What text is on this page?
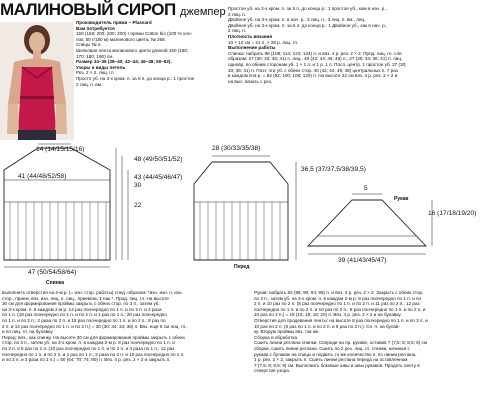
МАЛИНОВЫЙ СИРОП джемпер
Производитель пряжи – Plassard
Вам потребуется
150 (150; 200; 200; 200) г пряжи Cotton bio (100 % хло-
пок; 50 г/180 м) малинового цвета, № 268.
Спицы № 4.
Шелковая лента малинового цвета длиной 150 (160;
170; 180; 190) см.
Размер 34–36 (38–40; 42–44; 46–48; 50–52).
Узоры и виды петель
Рез. 2 × 2, лиц. гл.
Просто уб. на 3-х кром. п. за 5 п. до конца р.: 1 простое
2 лиц. п. вм.
Простое уб. на 3-х кром. п. за 5 п. до конца р.: 1 простое уб., кам в нач. р.,
2 лиц. п.
Двойное уб. на 3-х кром. п. в нач. р.: 3 лиц. п., 3 лиц. п. вм., лиц.
Двойное уб. на 3-х кром. п. за 6 п. до конца р.: 1 Двойное уб., как в нач. р.,
2 лиц. п.
Плотность вязания
10 × 10 см = 21 п. × 28 р. лиц. гл.
Выполнение работы
Спинка: набрать 98 (108; 114; 122; 134) п. и вяз. 4 р. рез. 2 × 2. Прод. лиц. гл. сле.
образом: 27 (30; 33; 36; 41) п. лиц., 40 (42; 44; 46; 48) п., 27 (30; 33; 36; 41) п. лиц.
одновр. по обеим сторонам уб. 1 × 1 п. и 1 р. 1 п. Посл. центр. 1 простое уб. 27 (30;
33; 36; 41) п. Поэт. эти уб. с обеих стор. 40 (42; 44; 46; 48) центральных п. 7 раз
в каждом 8-м р. = 84 (92; 100; 108; 120) п. На высоте 22 см вяз. 4 р. рез. 2 × 2 и
на выс. вязать с рез.
14 (14/15/15/16)
48 (49/50/51/52)
43 (44/45/46/47)
41 (44/48/52/58)
30
22
47 (50/54/58/64)
Спинка
28 (30/33/35/38)
36,5 (37/37,5/38/39,5)
Перед
5
Рукав
16 (17/18/19/20)
39 (41/43/45/47)
выполнить отверстия на 2-м р. (= изн. стор. работы) след. образом: *изн. изн. п. изн.
стор., прием, вяз. изн. лиц. п. лиц., приемом, 1 нак.*. Прод. лиц. гл. На высоте
30 см для формирования проймы закрыть с обеих стор. по 3 п., затем уб.
на 3-х кром. п. в каждом 2-м р. 14 раз поочередно по 1 п. и по 2 п. и 3 раза
по 1 п. (18 раз поочередно по 1 п. и по 2 п. и 1 раз по 1 п.; 20 раз поочередно
по 1 п. и по 2 п.; 2 раза по 2 п. и 18 раз поочередно по 1 п. и по 2 п.; 8 раз по
2 п. и 14 раз поочередно по 1 п. и по 2 п.) = 30 (30; 34; 34; 36) п. Вяз. еще 5 см лиц. гл.,
и по лиц. гл. на булавку.
Перед: вяз., как спинку. На высоте 30 см для формирования проймы закрыть с обеих
стор. по 3 п., затем уб. на 3-х кром. п. в каждом 2-м р. 8 раз поочередно по 1 п. и
по 2 п. и 5 раз по 1 п. (10 раз поочередно по 1 п. и по 2 п. и 3 раза по 1 п.; 12 раз
поочередно по 1 п. и по 2 п. и 1 раз по 1 п.; 2 раза по 2 п. и 10 раз поочередно по 1 п.
и по 2 п. и 3 раза по 1 п.) = 60 (64; 70; 74; 80) п. Вяз. 4 р. рез. 2 × 2 и закрыть п.
Рукав: набрать 82 (86; 90; 94; 98) п. и вяз. 4 р. рез. 2 × 2. Закрыть с обеих стор.
по 3 п., затем уб. на 3-х кром. п. в каждом 2-м р. 8 раз поочередно по 1 п. и по
2 п. и 10 раз по 2 п. (8 раз поочередно по 1 п. и по 2 п. и 11 раз по 2 п.; 12 раз
поочередно по 1 п. и по 2 п. и 10 раз по 2 п.; 8 раз поочередно по 1 п. и по 2 п. и
10 раз по 2 п.) = 16 (16; 18; 18; 20) п. Вяз. 4 р. рез. 2 × 2 и на булавку.
Отверстия для продевания ленты: на высоте 8 раз поочередно по 1 п. и по 2 п. и
10 раз по 2 п. (8 раз по 1 п. и по 2 п. и 8 раз по 2 п.). Сн. п. на булав-
ку. Вторую проймы вяз. так же.
Сборка и обработка
Сшить линии реглана спинки. Спереди на пр. рукаве, оставив 7 (7,5; 8; 8,5; 9) см
сборки, сшить линии реглана. Сшить по 2 рез. лиц. гл. стежки, начиная с
рукава с булавок на спицы и подвить то же количество п. по линии реглана,
1 р. рез. 2 × 2, закрыть п. Сшить линии реглана переда на оставленном
7 (7,5; 8; 8,5; 9) см. Выполнить боковые швы и швы рукавов. Продеть ленту в
отверстия узора.
